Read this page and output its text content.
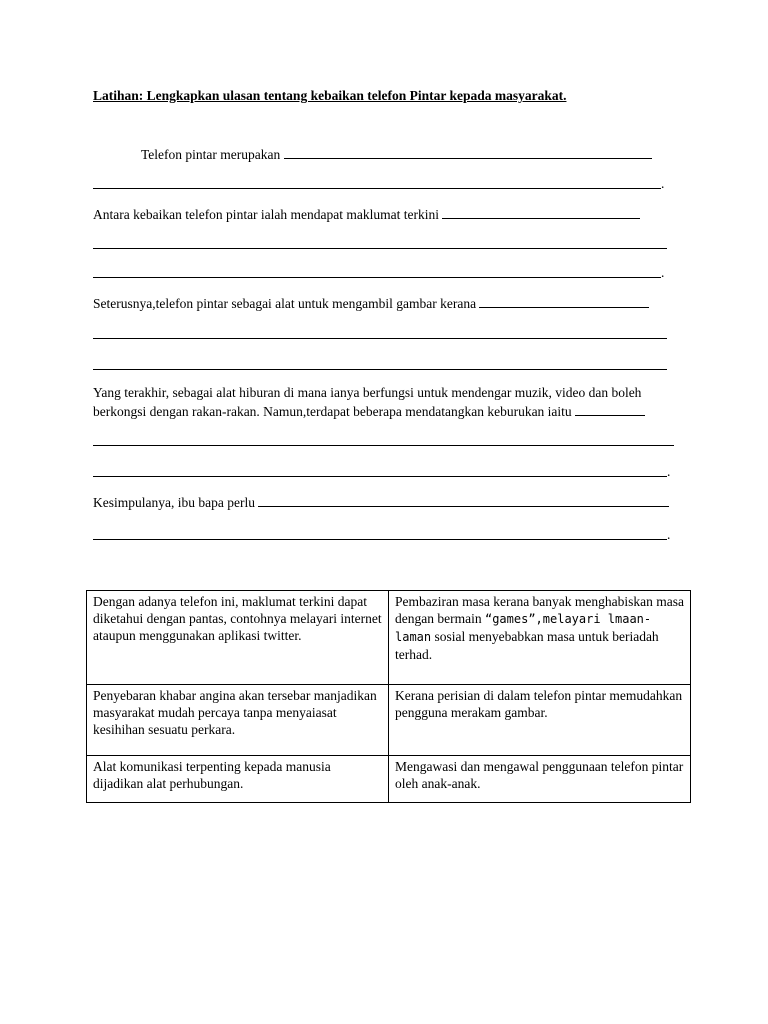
Latihan: Lengkapkan ulasan tentang kebaikan telefon Pintar kepada masyarakat.
Telefon pintar merupakan
.
Antara kebaikan telefon pintar ialah mendapat maklumat terkini
.
Seterusnya,telefon pintar sebagai alat untuk mengambil gambar kerana
Yang terakhir, sebagai alat hiburan di mana ianya berfungsi untuk mendengar muzik, video dan boleh
berkongsi dengan rakan-rakan. Namun,terdapat beberapa mendatangkan keburukan iaitu
.
Kesimpulanya, ibu bapa perlu
.
Dengan adanya telefon ini, maklumat terkini dapat diketahui dengan pantas, contohnya melayari internet ataupun menggunakan aplikasi twitter.	Pembaziran masa kerana banyak menghabiskan masa dengan bermain “games”,melayari lmaan-laman sosial menyebabkan masa untuk beriadah terhad.
Penyebaran khabar angina akan tersebar manjadikan masyarakat mudah percaya tanpa menyaiasat kesihihan sesuatu perkara.	Kerana perisian di dalam telefon pintar memudahkan pengguna merakam gambar.
Alat komunikasi terpenting kepada manusia dijadikan alat perhubungan.	Mengawasi dan mengawal penggunaan telefon pintar oleh anak-anak.
